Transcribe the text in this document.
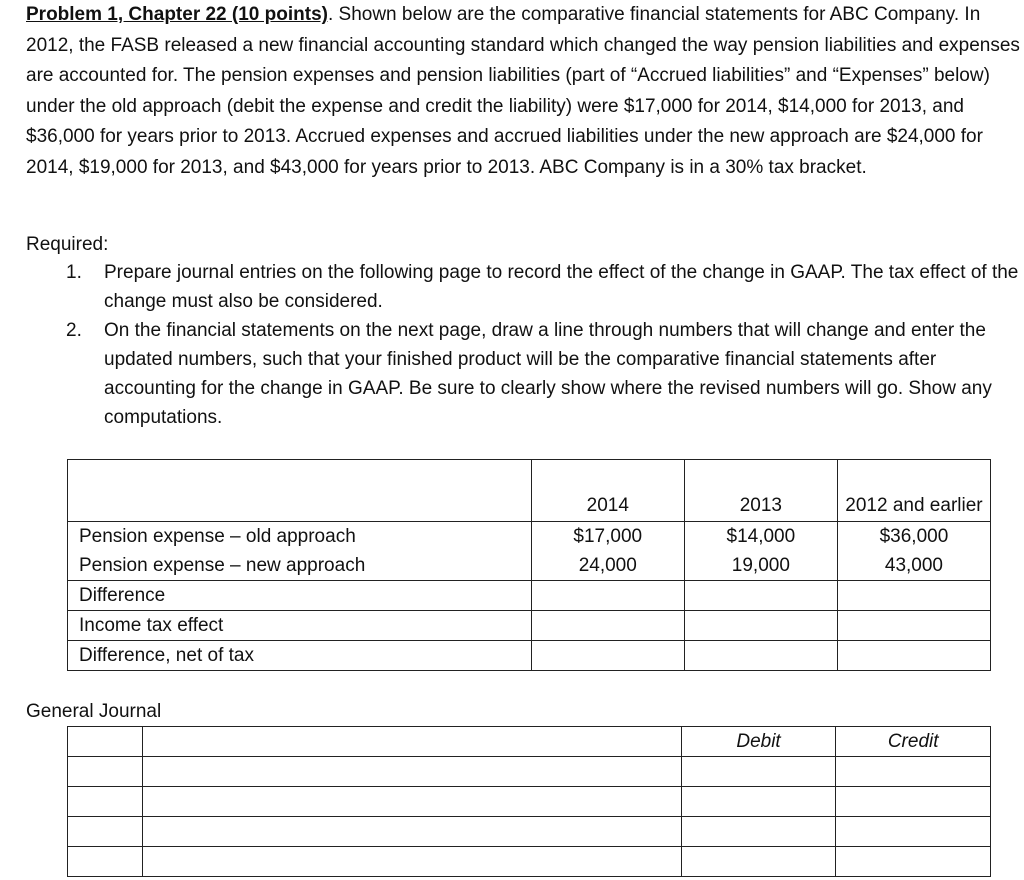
Problem 1, Chapter 22 (10 points). Shown below are the comparative financial statements for ABC Company. In 2012, the FASB released a new financial accounting standard which changed the way pension liabilities and expenses are accounted for. The pension expenses and pension liabilities (part of “Accrued liabilities” and “Expenses” below) under the old approach (debit the expense and credit the liability) were $17,000 for 2014, $14,000 for 2013, and $36,000 for years prior to 2013. Accrued expenses and accrued liabilities under the new approach are $24,000 for 2014, $19,000 for 2013, and $43,000 for years prior to 2013. ABC Company is in a 30% tax bracket.

Required:
1. Prepare journal entries on the following page to record the effect of the change in GAAP. The tax effect of the change must also be considered.
2. On the financial statements on the next page, draw a line through numbers that will change and enter the updated numbers, such that your finished product will be the comparative financial statements after accounting for the change in GAAP. Be sure to clearly show where the revised numbers will go. Show any computations.
	2014	2013	2012 and earlier
Pension expense – old approach	$17,000	$14,000	$36,000
Pension expense – new approach	24,000	19,000	43,000
Difference			
Income tax effect			
Difference, net of tax			
General Journal
		Debit	Credit
